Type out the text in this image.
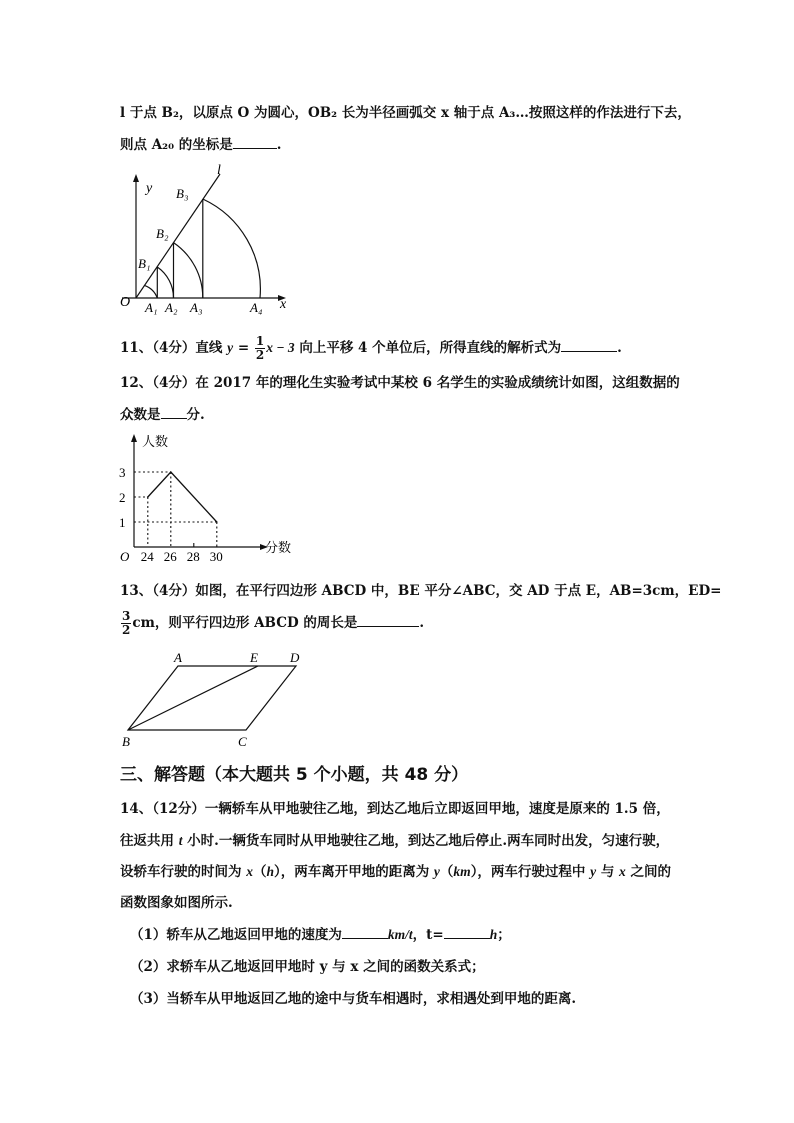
l 于点 B₂，以原点 O 为圆心，OB₂ 长为半径画弧交 x 轴于点 A₃…按照这样的作法进行下去，
则点 A₂₀ 的坐标是	.
y
x
l
O
B₁
B₂
B₃
A₁ A₂ A₃	A₄
11、（4分）直线 $y = \frac{1}{2}$ x − 3 向上平移 4 个单位后，所得直线的解析式为	.
12、（4分）在 2017 年的理化生实验考试中某校 6 名学生的实验成绩统计如图，这组数据的
众数是 分.
24 26 28 30
1
2
3
人数
分数
O
13、（4分）如图，在平行四边形 ABCD 中，BE 平分∠ABC，交 AD 于点 E，AB=3cm，ED=
$\frac{3}{2}$ cm，则平行四边形 ABCD 的周长是	.
A	E D
B	C
三、解答题（本大题共 5 个小题，共 48 分）
14、（12分）一辆轿车从甲地驶往乙地，到达乙地后立即返回甲地，速度是原来的 1.5 倍，
往返共用 t 小时.一辆货车同时从甲地驶往乙地，到达乙地后停止.两车同时出发，匀速行驶，
设轿车行驶的时间为 x（h），两车离开甲地的距离为 y（km），两车行驶过程中 y 与 x 之间的
函数图象如图所示.
（1）轿车从乙地返回甲地的速度为	km/t，t=	h；
（2）求轿车从乙地返回甲地时 y 与 x 之间的函数关系式；
（3）当轿车从甲地返回乙地的途中与货车相遇时，求相遇处到甲地的距离.
